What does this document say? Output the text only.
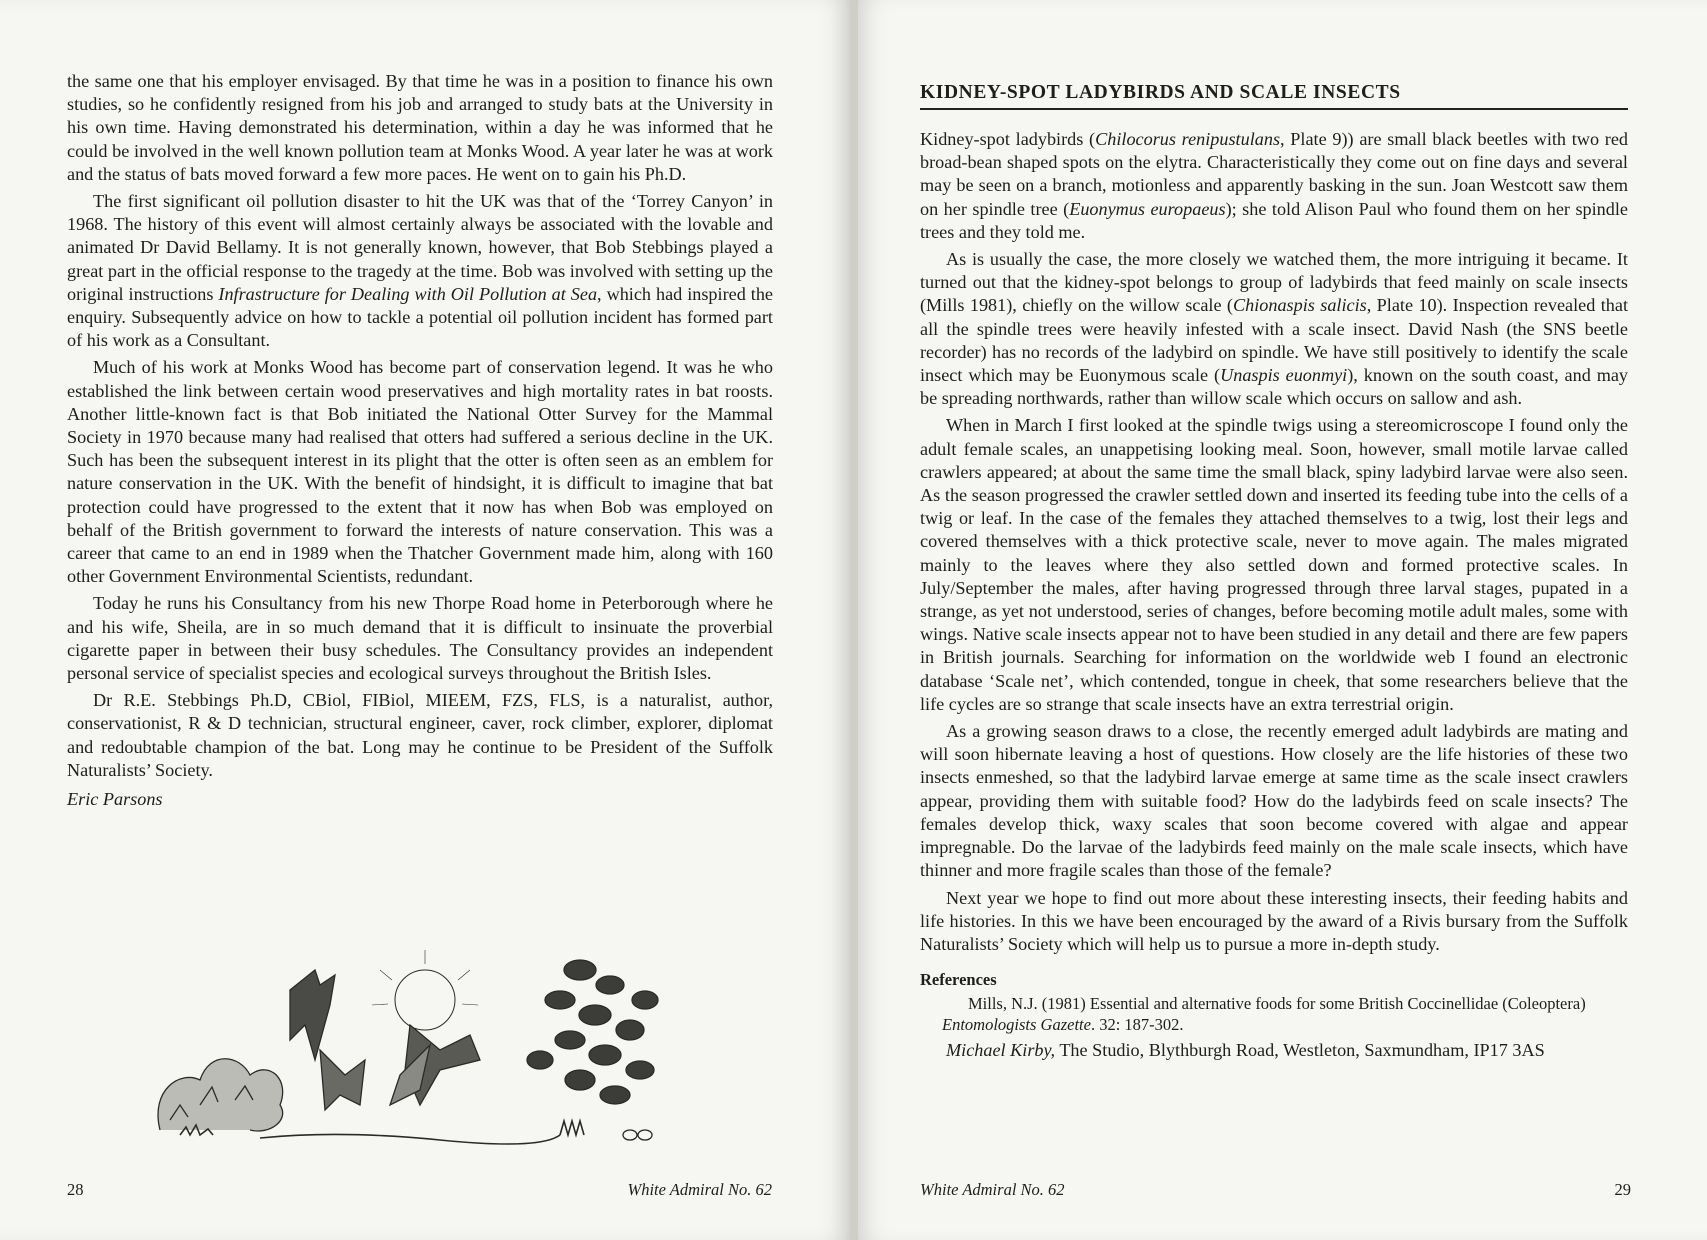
the same one that his employer envisaged. By that time he was in a position to finance his own studies, so he confidently resigned from his job and arranged to study bats at the University in his own time. Having demonstrated his determination, within a day he was informed that he could be involved in the well known pollution team at Monks Wood. A year later he was at work and the status of bats moved forward a few more paces. He went on to gain his Ph.D.

The first significant oil pollution disaster to hit the UK was that of the ‘Torrey Canyon’ in 1968. The history of this event will almost certainly always be associated with the lovable and animated Dr David Bellamy. It is not generally known, however, that Bob Stebbings played a great part in the official response to the tragedy at the time. Bob was involved with setting up the original instructions Infrastructure for Dealing with Oil Pollution at Sea, which had inspired the enquiry. Subsequently advice on how to tackle a potential oil pollution incident has formed part of his work as a Consultant.

Much of his work at Monks Wood has become part of conservation legend. It was he who established the link between certain wood preservatives and high mortality rates in bat roosts. Another little-known fact is that Bob initiated the National Otter Survey for the Mammal Society in 1970 because many had realised that otters had suffered a serious decline in the UK. Such has been the subsequent interest in its plight that the otter is often seen as an emblem for nature conservation in the UK. With the benefit of hindsight, it is difficult to imagine that bat protection could have progressed to the extent that it now has when Bob was employed on behalf of the British government to forward the interests of nature conservation. This was a career that came to an end in 1989 when the Thatcher Government made him, along with 160 other Government Environmental Scientists, redundant.

Today he runs his Consultancy from his new Thorpe Road home in Peterborough where he and his wife, Sheila, are in so much demand that it is difficult to insinuate the proverbial cigarette paper in between their busy schedules. The Consultancy provides an independent personal service of specialist species and ecological surveys throughout the British Isles.

Dr R.E. Stebbings Ph.D, CBiol, FIBiol, MIEEM, FZS, FLS, is a naturalist, author, conservationist, R & D technician, structural engineer, caver, rock climber, explorer, diplomat and redoubtable champion of the bat. Long may he continue to be President of the Suffolk Naturalists’ Society.

Eric Parsons

28	White Admiral No. 62
KIDNEY-SPOT LADYBIRDS AND SCALE INSECTS

Kidney-spot ladybirds (Chilocorus renipustulans, Plate 9)) are small black beetles with two red broad-bean shaped spots on the elytra. Characteristically they come out on fine days and several may be seen on a branch, motionless and apparently basking in the sun. Joan Westcott saw them on her spindle tree (Euonymus europaeus); she told Alison Paul who found them on her spindle trees and they told me.

As is usually the case, the more closely we watched them, the more intriguing it became. It turned out that the kidney-spot belongs to group of ladybirds that feed mainly on scale insects (Mills 1981), chiefly on the willow scale (Chionaspis salicis, Plate 10). Inspection revealed that all the spindle trees were heavily infested with a scale insect. David Nash (the SNS beetle recorder) has no records of the ladybird on spindle. We have still positively to identify the scale insect which may be Euonymous scale (Unaspis euonmyi), known on the south coast, and may be spreading northwards, rather than willow scale which occurs on sallow and ash.

When in March I first looked at the spindle twigs using a stereomicroscope I found only the adult female scales, an unappetising looking meal. Soon, however, small motile larvae called crawlers appeared; at about the same time the small black, spiny ladybird larvae were also seen. As the season progressed the crawler settled down and inserted its feeding tube into the cells of a twig or leaf. In the case of the females they attached themselves to a twig, lost their legs and covered themselves with a thick protective scale, never to move again. The males migrated mainly to the leaves where they also settled down and formed protective scales. In July/September the males, after having progressed through three larval stages, pupated in a strange, as yet not understood, series of changes, before becoming motile adult males, some with wings. Native scale insects appear not to have been studied in any detail and there are few papers in British journals. Searching for information on the worldwide web I found an electronic database ‘Scale net’, which contended, tongue in cheek, that some researchers believe that the life cycles are so strange that scale insects have an extra terrestrial origin.

As a growing season draws to a close, the recently emerged adult ladybirds are mating and will soon hibernate leaving a host of questions. How closely are the life histories of these two insects enmeshed, so that the ladybird larvae emerge at same time as the scale insect crawlers appear, providing them with suitable food? How do the ladybirds feed on scale insects? The females develop thick, waxy scales that soon become covered with algae and appear impregnable. Do the larvae of the ladybirds feed mainly on the male scale insects, which have thinner and more fragile scales than those of the female?

Next year we hope to find out more about these interesting insects, their feeding habits and life histories. In this we have been encouraged by the award of a Rivis bursary from the Suffolk Naturalists’ Society which will help us to pursue a more in-depth study.

References

Mills, N.J. (1981) Essential and alternative foods for some British Coccinellidae (Coleoptera) Entomologists Gazette. 32: 187-302.

Michael Kirby, The Studio, Blythburgh Road, Westleton, Saxmundham, IP17 3AS

White Admiral No. 62	29
